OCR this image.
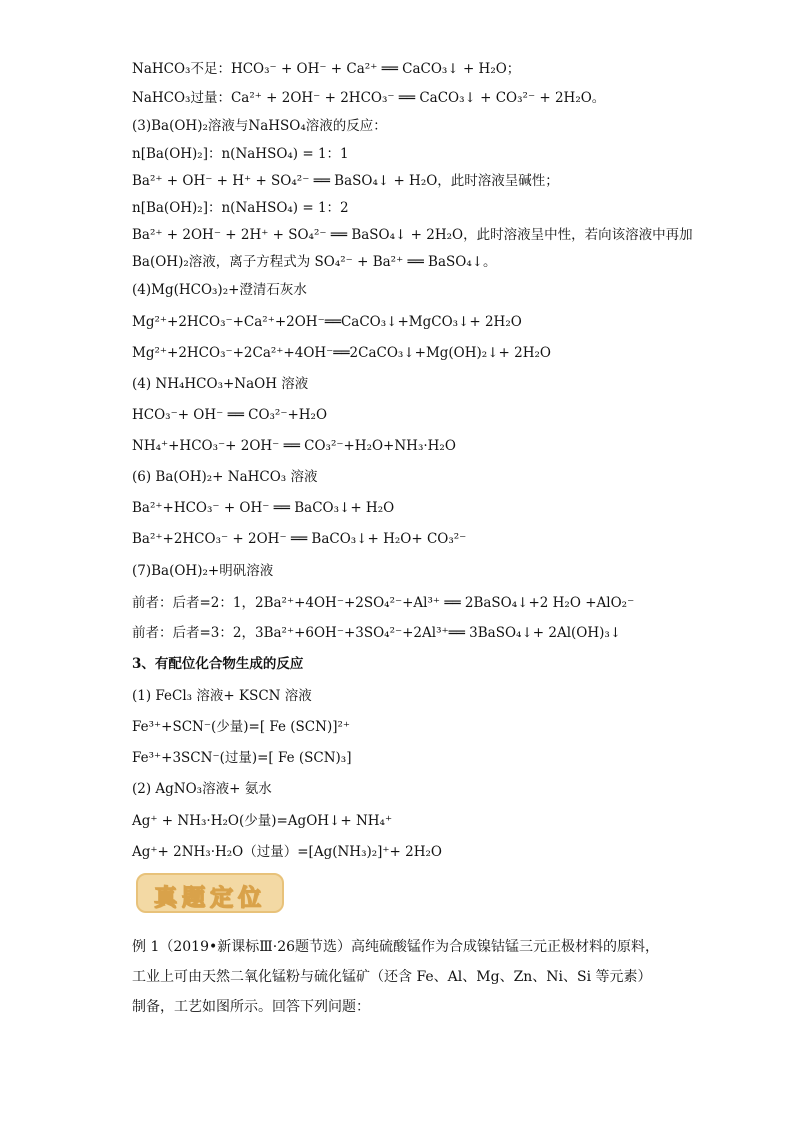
NaHCO₃不足：HCO₃⁻ + OH⁻ + Ca²⁺ ══ CaCO₃↓ + H₂O；
NaHCO₃过量：Ca²⁺ + 2OH⁻ + 2HCO₃⁻ ══ CaCO₃↓ + CO₃²⁻ + 2H₂O。
(3)Ba(OH)₂溶液与NaHSO₄溶液的反应：
n[Ba(OH)₂]：n(NaHSO₄) = 1：1
Ba²⁺ + OH⁻ + H⁺ + SO₄²⁻ ══ BaSO₄↓ + H₂O，此时溶液呈碱性；
n[Ba(OH)₂]：n(NaHSO₄) = 1：2
Ba²⁺ + 2OH⁻ + 2H⁺ + SO₄²⁻ ══ BaSO₄↓ + 2H₂O，此时溶液呈中性，若向该溶液中再加
Ba(OH)₂溶液，离子方程式为 SO₄²⁻ + Ba²⁺ ══ BaSO₄↓。
(4)Mg(HCO₃)₂+澄清石灰水
Mg²⁺+2HCO₃⁻+Ca²⁺+2OH⁻══CaCO₃↓+MgCO₃↓+ 2H₂O
Mg²⁺+2HCO₃⁻+2Ca²⁺+4OH⁻══2CaCO₃↓+Mg(OH)₂↓+ 2H₂O
(4) NH₄HCO₃+NaOH 溶液
HCO₃⁻+ OH⁻ ══ CO₃²⁻+H₂O
NH₄⁺+HCO₃⁻+ 2OH⁻ ══ CO₃²⁻+H₂O+NH₃·H₂O
(6) Ba(OH)₂+ NaHCO₃ 溶液
Ba²⁺+HCO₃⁻ + OH⁻ ══ BaCO₃↓+ H₂O
Ba²⁺+2HCO₃⁻ + 2OH⁻ ══ BaCO₃↓+ H₂O+ CO₃²⁻
(7)Ba(OH)₂+明矾溶液
前者：后者=2：1，2Ba²⁺+4OH⁻+2SO₄²⁻+Al³⁺ ══ 2BaSO₄↓+2 H₂O +AlO₂⁻
前者：后者=3：2，3Ba²⁺+6OH⁻+3SO₄²⁻+2Al³⁺══ 3BaSO₄↓+ 2Al(OH)₃↓
3、有配位化合物生成的反应
(1) FeCl₃ 溶液+ KSCN 溶液
Fe³⁺+SCN⁻(少量)=[ Fe (SCN)]²⁺
Fe³⁺+3SCN⁻(过量)=[ Fe (SCN)₃]
(2) AgNO₃溶液+ 氨水
Ag⁺ + NH₃·H₂O(少量)=AgOH↓+ NH₄⁺
Ag⁺+ 2NH₃·H₂O（过量）=[Ag(NH₃)₂]⁺+ 2H₂O
真题定位
例 1（2019•新课标Ⅲ·26题节选）高纯硫酸锰作为合成镍钴锰三元正极材料的原料，工业上可由天然二氧化锰粉与硫化锰矿（还含 Fe、Al、Mg、Zn、Ni、Si 等元素）制备，工艺如图所示。回答下列问题：
